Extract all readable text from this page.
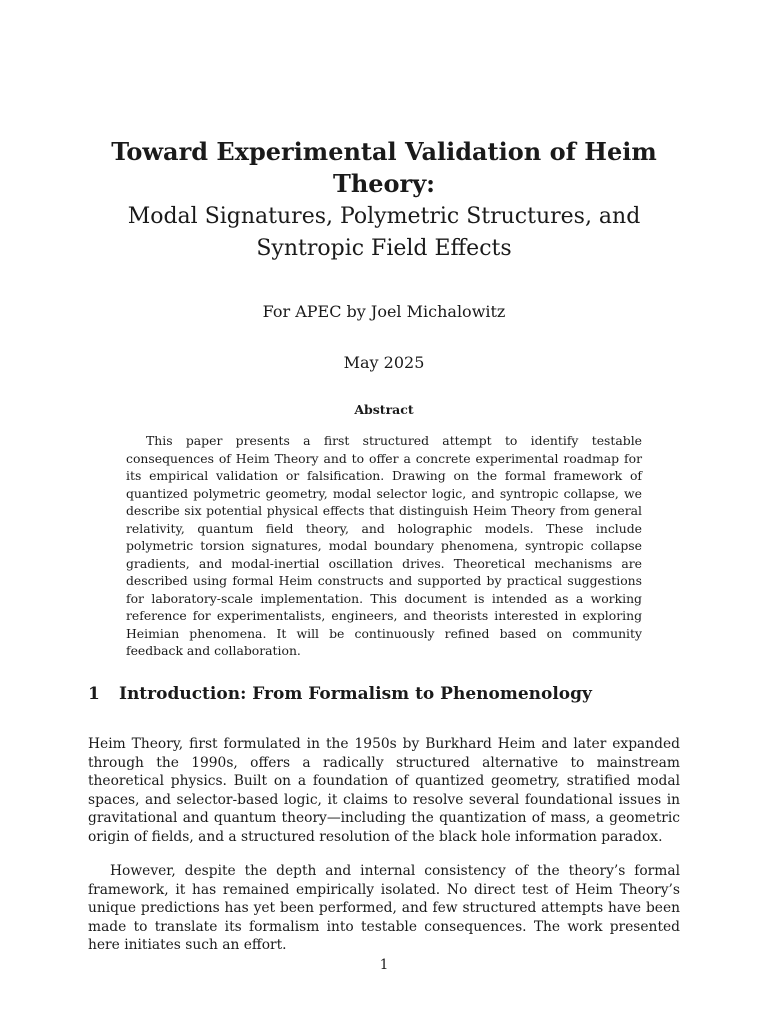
Toward Experimental Validation of Heim Theory:
Modal Signatures, Polymetric Structures, and Syntropic Field Effects
For APEC by Joel Michalowitz
May 2025
Abstract

This paper presents a first structured attempt to identify testable consequences of Heim Theory and to offer a concrete experimental roadmap for its empirical validation or falsification. Drawing on the formal framework of quantized polymetric geometry, modal selector logic, and syntropic collapse, we describe six potential physical effects that distinguish Heim Theory from general relativity, quantum field theory, and holographic models. These include polymetric torsion signatures, modal boundary phenomena, syntropic collapse gradients, and modal-inertial oscillation drives. Theoretical mechanisms are described using formal Heim constructs and supported by practical suggestions for laboratory-scale implementation. This document is intended as a working reference for experimentalists, engineers, and theorists interested in exploring Heimian phenomena. It will be continuously refined based on community feedback and collaboration.

1 Introduction: From Formalism to Phenomenology

Heim Theory, first formulated in the 1950s by Burkhard Heim and later expanded through the 1990s, offers a radically structured alternative to mainstream theoretical physics. Built on a foundation of quantized geometry, stratified modal spaces, and selector-based logic, it claims to resolve several foundational issues in gravitational and quantum theory—including the quantization of mass, a geometric origin of fields, and a structured resolution of the black hole information paradox.

However, despite the depth and internal consistency of the theory’s formal framework, it has remained empirically isolated. No direct test of Heim Theory’s unique predictions has yet been performed, and few structured attempts have been made to translate its formalism into testable consequences. The work presented here initiates such an effort.

1
